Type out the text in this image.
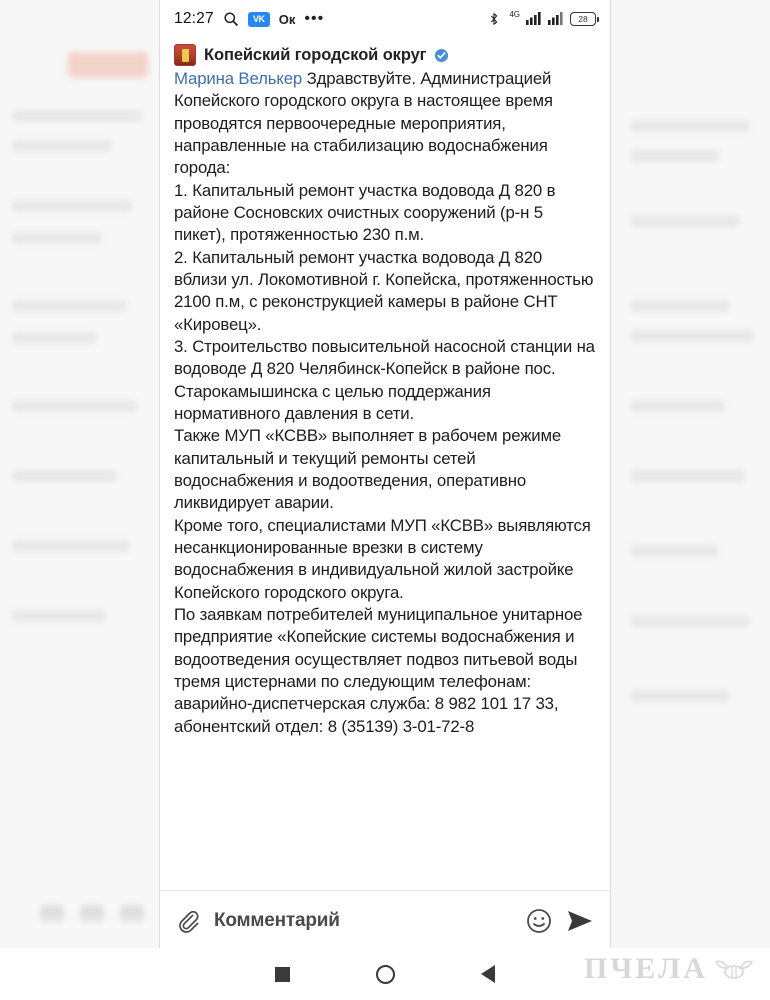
12:27	VK	Ок •••	4G	28
Копейский городской округ

Марина Велькер Здравствуйте. Администрацией Копейского городского округа в настоящее время проводятся первоочередные мероприятия, направленные на стабилизацию водоснабжения города:

1. Капитальный ремонт участка водовода Д 820 в районе Сосновских очистных сооружений (р-н 5 пикет), протяженностью 230 п.м.

2. Капитальный ремонт участка водовода Д 820 вблизи ул. Локомотивной г. Копейска, протяженностью 2100 п.м, с реконструкцией камеры в районе СНТ «Кировец».

3. Строительство повысительной насосной станции на водоводе Д 820 Челябинск-Копейск в районе пос. Старокамышинска с целью поддержания нормативного давления в сети.

Также МУП «КСВВ» выполняет в рабочем режиме капитальный и текущий ремонты сетей водоснабжения и водоотведения, оперативно ликвидирует аварии.

Кроме того, специалистами МУП «КСВВ» выявляются несанкционированные врезки в систему водоснабжения в индивидуальной жилой застройке Копейского городского округа.

По заявкам потребителей муниципальное унитарное предприятие «Копейские системы водоснабжения и водоотведения осуществляет подвоз питьевой воды тремя цистернами по следующим телефонам: аварийно-диспетчерская служба: 8 982 101 17 33,

абонентский отдел: 8 (35139) 3-01-72-8

Комментарий
ПЧЕЛА
